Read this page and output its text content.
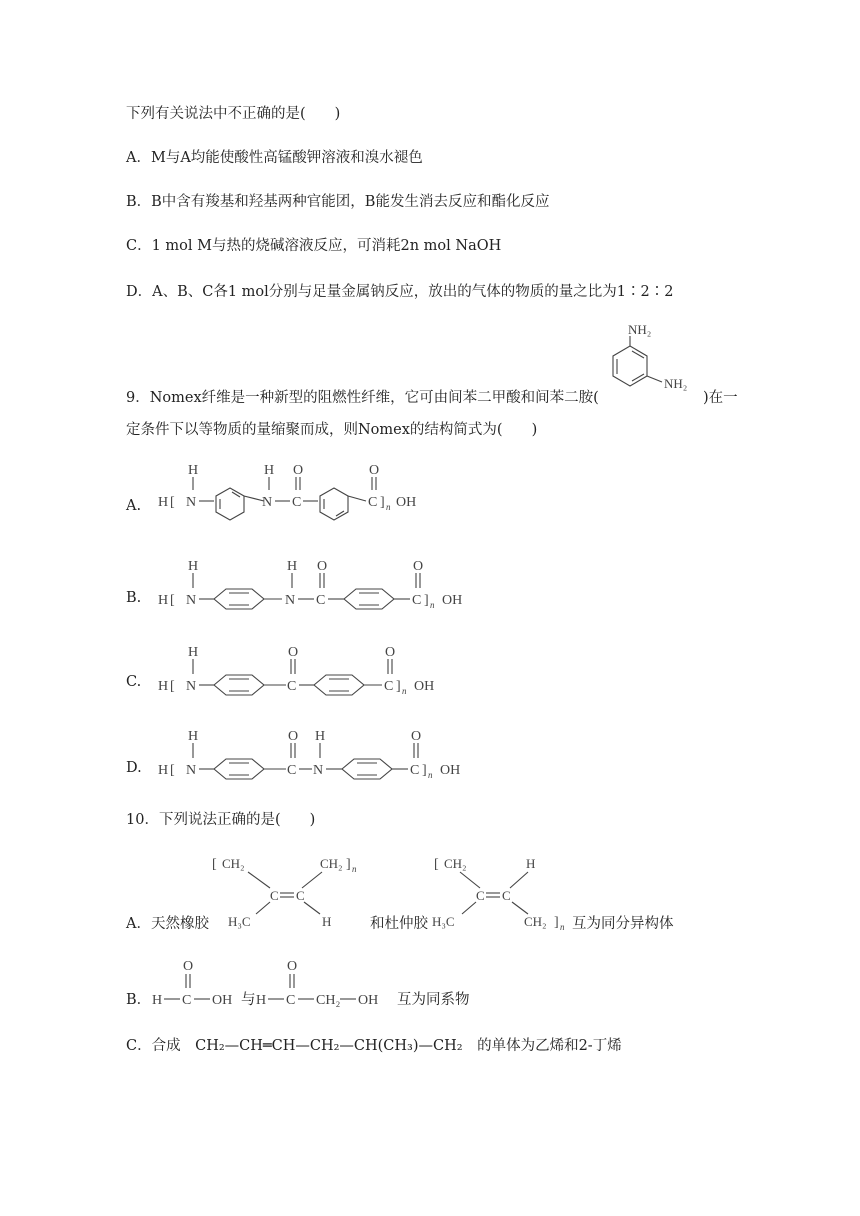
下列有关说法中不正确的是(　　)
A．M与A均能使酸性高锰酸钾溶液和溴水褪色
B．B中含有羧基和羟基两种官能团，B能发生消去反应和酯化反应
C．1 mol M与热的烧碱溶液反应，可消耗2n mol NaOH
D．A、B、C各1 mol分别与足量金属钠反应，放出的气体的物质的量之比为1∶2∶2
9．Nomex纤维是一种新型的阻燃性纤维，它可由间苯二甲酸和间苯二胺(	)在一
定条件下以等物质的量缩聚而成，则Nomex的结构简式为(　　)
NH₂
NH₂
A. H [
H
N
H
N
O
C
O
C ] n OH
B. H [
H
N
H
N
O
C
O
C ] n OH
C. H [
H
N
O
C
O
C ] n OH
D. H [
H
N
O
C
H
N
O
C ] n OH
10．下列说法正确的是(　　)
A．天然橡胶
[ CH₂	CH₂ ] n
C C
H₃C	H	和杜仲胶
[ CH₂	H
C C
H₃C	CH₂ ] n 互为同分异构体
B． H
O
C OH 与 H
O
C CH₂ OH 互为同系物
C．合成　CH₂—CH═CH—CH₂—CH(CH₃)—CH₂　的单体为乙烯和2-丁烯
